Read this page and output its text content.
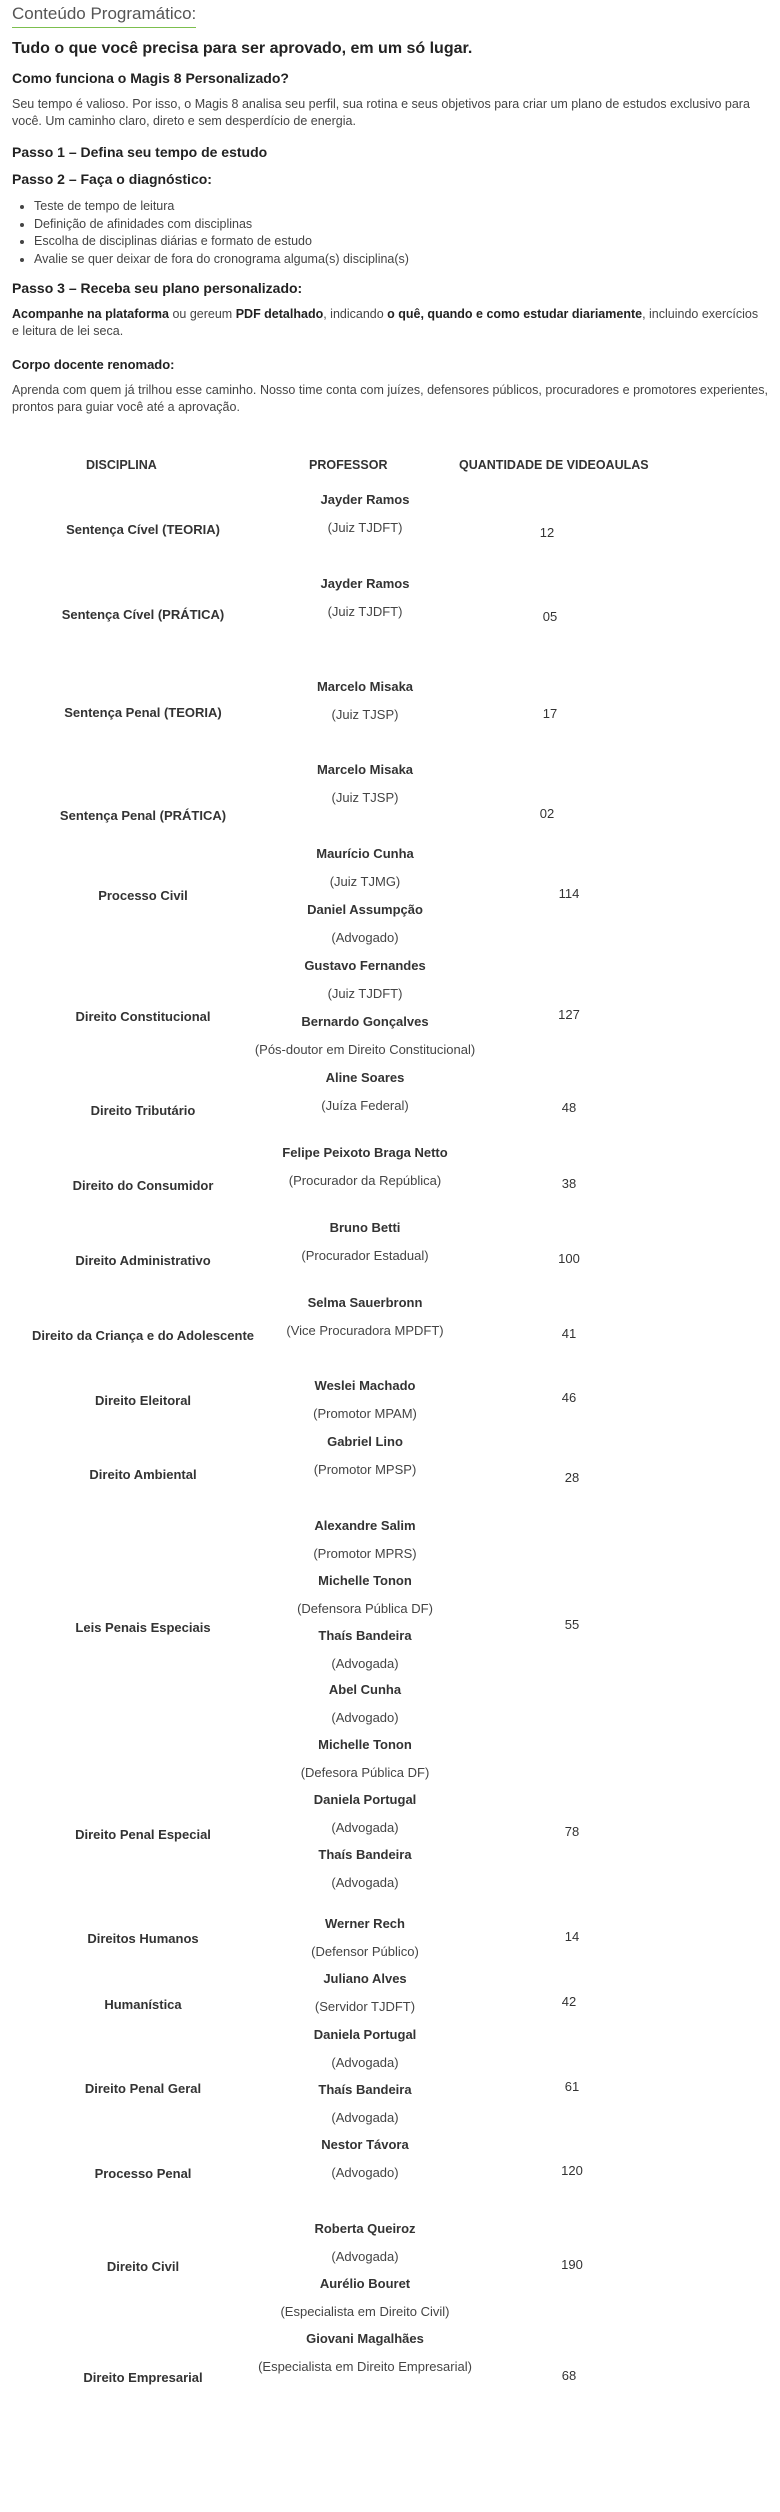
Conteúdo Programático:
Tudo o que você precisa para ser aprovado, em um só lugar.
Como funciona o Magis 8 Personalizado?
Seu tempo é valioso. Por isso, o Magis 8 analisa seu perfil, sua rotina e seus objetivos para criar um plano de estudos exclusivo para você. Um caminho claro, direto e sem desperdício de energia.
Passo 1 – Defina seu tempo de estudo
Passo 2 – Faça o diagnóstico:
• Teste de tempo de leitura
• Definição de afinidades com disciplinas
• Escolha de disciplinas diárias e formato de estudo
• Avalie se quer deixar de fora do cronograma alguma(s) disciplina(s)
Passo 3 – Receba seu plano personalizado:
Acompanhe na plataforma ou gereum PDF detalhado, indicando o quê, quando e como estudar diariamente, incluindo exercícios e leitura de lei seca.
Corpo docente renomado:
Aprenda com quem já trilhou esse caminho. Nosso time conta com juízes, defensores públicos, procuradores e promotores experientes, prontos para guiar você até a aprovação.
DISCIPLINA	PROFESSOR	QUANTIDADE DE VIDEOAULAS
Sentença Cível (TEORIA)
Sentença Cível (PRÁTICA)
Sentença Penal (TEORIA)
Sentença Penal (PRÁTICA)
Processo Civil
Direito Constitucional
Direito Tributário
Direito do Consumidor
Direito Administrativo
Direito da Criança e do Adolescente
Direito Eleitoral
Direito Ambiental
Leis Penais Especiais
Direito Penal Especial
Direitos Humanos
Humanística
Direito Penal Geral
Processo Penal
Direito Civil
Direito Empresarial
Jayder Ramos
(Juiz TJDFT)
Jayder Ramos
(Juiz TJDFT)
Marcelo Misaka
(Juiz TJSP)
Marcelo Misaka
(Juiz TJSP)
Maurício Cunha
(Juiz TJMG)
Daniel Assumpção
(Advogado)
Gustavo Fernandes
(Juiz TJDFT)
Bernardo Gonçalves
(Pós-doutor em Direito Constitucional)
Aline Soares
(Juíza Federal)
Felipe Peixoto Braga Netto
(Procurador da República)
Bruno Betti
(Procurador Estadual)
Selma Sauerbronn
(Vice Procuradora MPDFT)
Weslei Machado
(Promotor MPAM)
Gabriel Lino
(Promotor MPSP)
Alexandre Salim
(Promotor MPRS)
Michelle Tonon
(Defensora Pública DF)
Thaís Bandeira
(Advogada)
Abel Cunha
(Advogado)
Michelle Tonon
(Defesora Pública DF)
Daniela Portugal
(Advogada)
Thaís Bandeira
(Advogada)
Werner Rech
(Defensor Público)
Juliano Alves
(Servidor TJDFT)
Daniela Portugal
(Advogada)
Thaís Bandeira
(Advogada)
Nestor Távora
(Advogado)
Roberta Queiroz
(Advogada)
Aurélio Bouret
(Especialista em Direito Civil)
Giovani Magalhães
(Especialista em Direito Empresarial)
12
05
17
02
114
127
48
38
100
41
46
28
55
78
14
42
61
120
190
68
